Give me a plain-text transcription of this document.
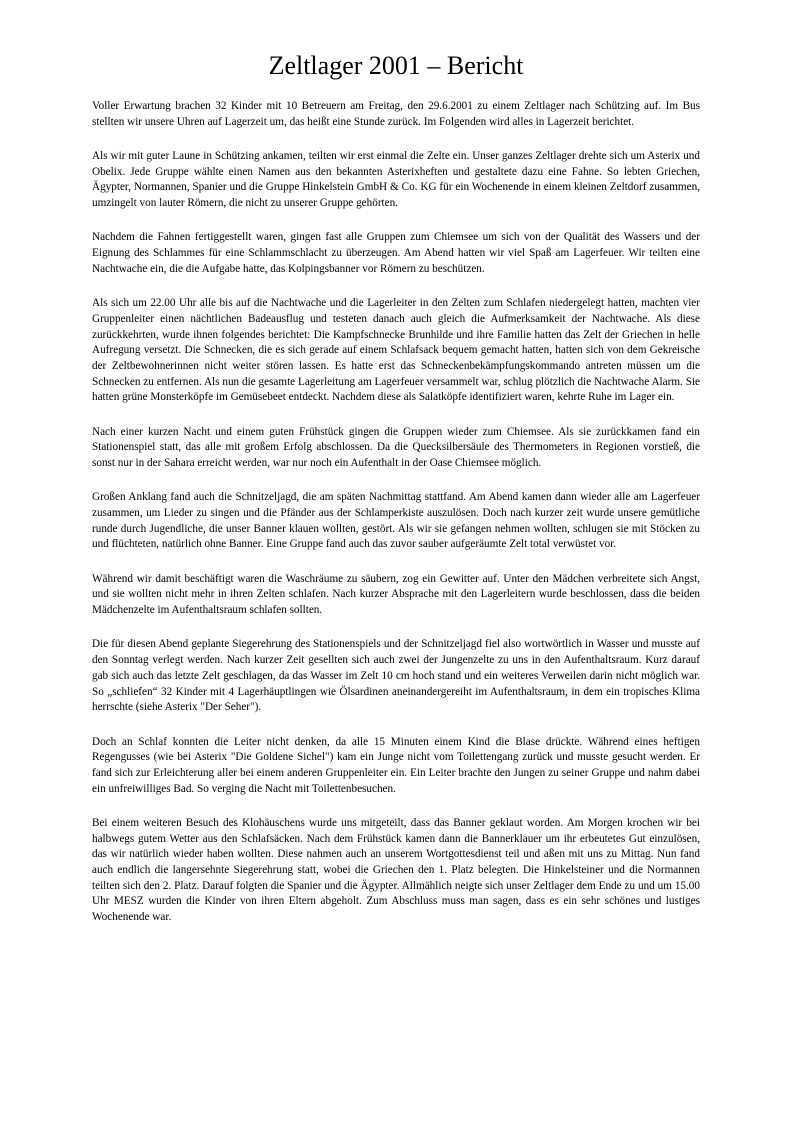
Zeltlager 2001 – Bericht

Voller Erwartung brachen 32 Kinder mit 10 Betreuern am Freitag, den 29.6.2001 zu einem Zeltlager nach Schützing auf. Im Bus stellten wir unsere Uhren auf Lagerzeit um, das heißt eine Stunde zurück. Im Folgenden wird alles in Lagerzeit berichtet.

Als wir mit guter Laune in Schützing ankamen, teilten wir erst einmal die Zelte ein. Unser ganzes Zeltlager drehte sich um Asterix und Obelix. Jede Gruppe wählte einen Namen aus den bekannten Asterixheften und gestaltete dazu eine Fahne. So lebten Griechen, Ägypter, Normannen, Spanier und die Gruppe Hinkelstein GmbH & Co. KG für ein Wochenende in einem kleinen Zeltdorf zusammen, umzingelt von lauter Römern, die nicht zu unserer Gruppe gehörten.

Nachdem die Fahnen fertiggestellt waren, gingen fast alle Gruppen zum Chiemsee um sich von der Qualität des Wassers und der Eignung des Schlammes für eine Schlammschlacht zu überzeugen. Am Abend hatten wir viel Spaß am Lagerfeuer. Wir teilten eine Nachtwache ein, die die Aufgabe hatte, das Kolpingsbanner vor Römern zu beschützen.

Als sich um 22.00 Uhr alle bis auf die Nachtwache und die Lagerleiter in den Zelten zum Schlafen niedergelegt hatten, machten vier Gruppenleiter einen nächtlichen Badeausflug und testeten danach auch gleich die Aufmerksamkeit der Nachtwache. Als diese zurückkehrten, wurde ihnen folgendes berichtet: Die Kampfschnecke Brunhilde und ihre Familie hatten das Zelt der Griechen in helle Aufregung versetzt. Die Schnecken, die es sich gerade auf einem Schlafsack bequem gemacht hatten, hatten sich von dem Gekreische der Zeltbewohnerinnen nicht weiter stören lassen. Es hatte erst das Schneckenbekämpfungskommando antreten müssen um die Schnecken zu entfernen. Als nun die gesamte Lagerleitung am Lagerfeuer versammelt war, schlug plötzlich die Nachtwache Alarm. Sie hatten grüne Monsterköpfe im Gemüsebeet entdeckt. Nachdem diese als Salatköpfe identifiziert waren, kehrte Ruhe im Lager ein.

Nach einer kurzen Nacht und einem guten Frühstück gingen die Gruppen wieder zum Chiemsee. Als sie zurückkamen fand ein Stationenspiel statt, das alle mit großem Erfolg abschlossen. Da die Quecksilbersäule des Thermometers in Regionen vorstieß, die sonst nur in der Sahara erreicht werden, war nur noch ein Aufenthalt in der Oase Chiemsee möglich.

Großen Anklang fand auch die Schnitzeljagd, die am späten Nachmittag stattfand. Am Abend kamen dann wieder alle am Lagerfeuer zusammen, um Lieder zu singen und die Pfänder aus der Schlamperkiste auszulösen. Doch nach kurzer zeit wurde unsere gemütliche runde durch Jugendliche, die unser Banner klauen wollten, gestört. Als wir sie gefangen nehmen wollten, schlugen sie mit Stöcken zu und flüchteten, natürlich ohne Banner. Eine Gruppe fand auch das zuvor sauber aufgeräumte Zelt total verwüstet vor.

Während wir damit beschäftigt waren die Waschräume zu säubern, zog ein Gewitter auf. Unter den Mädchen verbreitete sich Angst, und sie wollten nicht mehr in ihren Zelten schlafen. Nach kurzer Absprache mit den Lagerleitern wurde beschlossen, dass die beiden Mädchenzelte im Aufenthaltsraum schlafen sollten.

Die für diesen Abend geplante Siegerehrung des Stationenspiels und der Schnitzeljagd fiel also wortwörtlich in Wasser und musste auf den Sonntag verlegt werden. Nach kurzer Zeit gesellten sich auch zwei der Jungenzelte zu uns in den Aufenthaltsraum. Kurz darauf gab sich auch das letzte Zelt geschlagen, da das Wasser im Zelt 10 cm hoch stand und ein weiteres Verweilen darin nicht möglich war. So „schliefen“ 32 Kinder mit 4 Lagerhäuptlingen wie Ölsardinen aneinandergereiht im Aufenthaltsraum, in dem ein tropisches Klima herrschte (siehe Asterix "Der Seher").

Doch an Schlaf konnten die Leiter nicht denken, da alle 15 Minuten einem Kind die Blase drückte. Während eines heftigen Regengusses (wie bei Asterix "Die Goldene Sichel") kam ein Junge nicht vom Toilettengang zurück und musste gesucht werden. Er fand sich zur Erleichterung aller bei einem anderen Gruppenleiter ein. Ein Leiter brachte den Jungen zu seiner Gruppe und nahm dabei ein unfreiwilliges Bad. So verging die Nacht mit Toilettenbesuchen.

Bei einem weiteren Besuch des Klohäuschens wurde uns mitgeteilt, dass das Banner geklaut worden. Am Morgen krochen wir bei halbwegs gutem Wetter aus den Schlafsäcken. Nach dem Frühstück kamen dann die Bannerklauer um ihr erbeutetes Gut einzulösen, das wir natürlich wieder haben wollten. Diese nahmen auch an unserem Wortgottesdienst teil und aßen mit uns zu Mittag. Nun fand auch endlich die langersehnte Siegerehrung statt, wobei die Griechen den 1. Platz belegten. Die Hinkelsteiner und die Normannen teilten sich den 2. Platz. Darauf folgten die Spanier und die Ägypter. Allmählich neigte sich unser Zeltlager dem Ende zu und um 15.00 Uhr MESZ wurden die Kinder von ihren Eltern abgeholt. Zum Abschluss muss man sagen, dass es ein sehr schönes und lustiges Wochenende war.
